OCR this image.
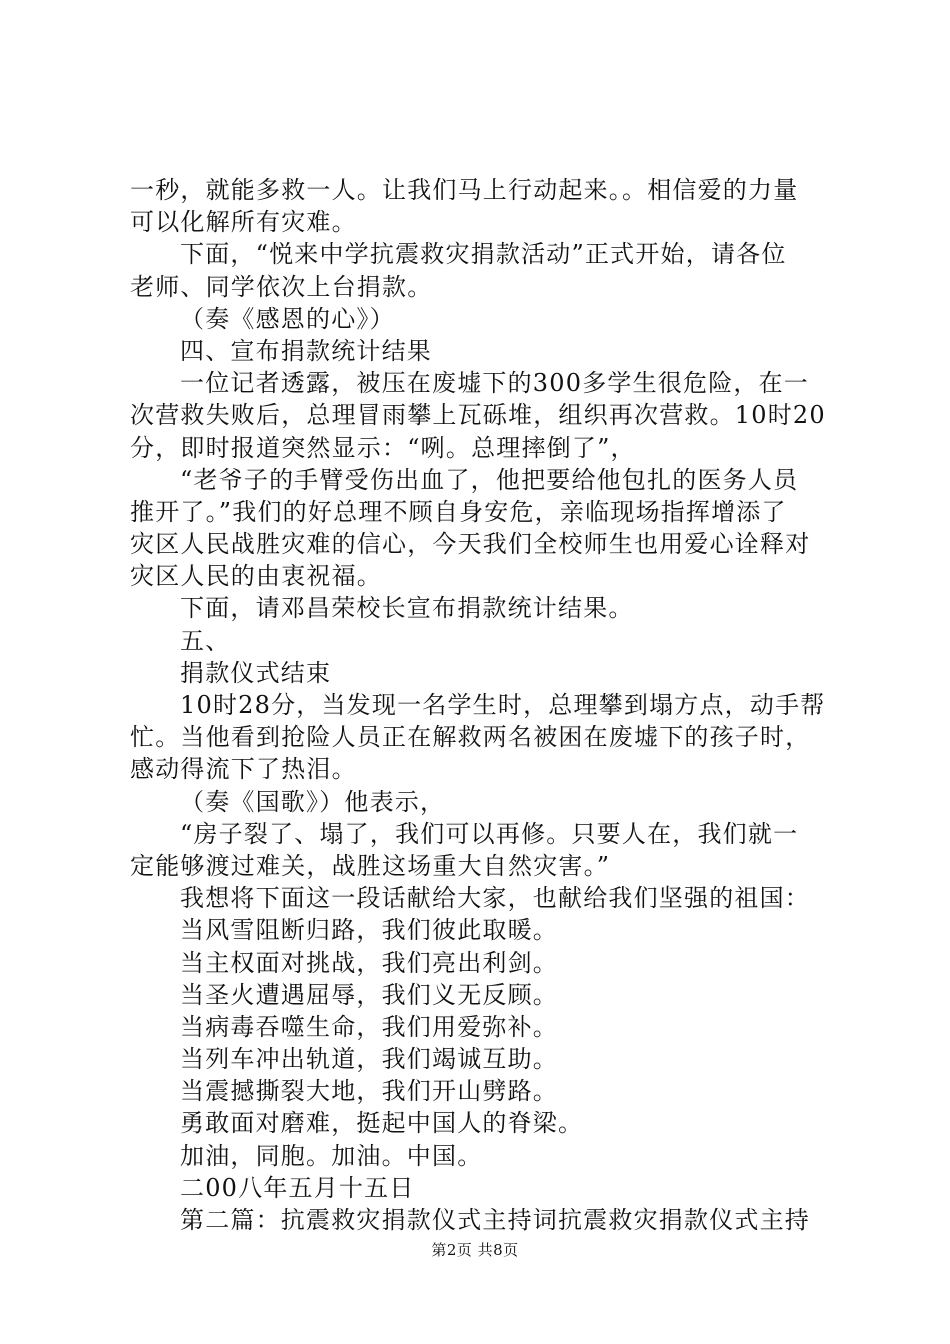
一秒，就能多救一人。让我们马上行动起来。。相信爱的力量
可以化解所有灾难。
下面，“悦来中学抗震救灾捐款活动”正式开始，请各位
老师、同学依次上台捐款。
（奏《感恩的心》）
四、宣布捐款统计结果
一位记者透露，被压在废墟下的300多学生很危险，在一
次营救失败后，总理冒雨攀上瓦砾堆，组织再次营救。10时20
分，即时报道突然显示：“咧。总理摔倒了”，
“老爷子的手臂受伤出血了，他把要给他包扎的医务人员
推开了。”我们的好总理不顾自身安危，亲临现场指挥增添了
灾区人民战胜灾难的信心，今天我们全校师生也用爱心诠释对
灾区人民的由衷祝福。
下面，请邓昌荣校长宣布捐款统计结果。
五、
捐款仪式结束
10时28分，当发现一名学生时，总理攀到塌方点，动手帮
忙。当他看到抢险人员正在解救两名被困在废墟下的孩子时，
感动得流下了热泪。
（奏《国歌》）他表示，
“房子裂了、塌了，我们可以再修。只要人在，我们就一
定能够渡过难关，战胜这场重大自然灾害。”
我想将下面这一段话献给大家，也献给我们坚强的祖国：
当风雪阻断归路，我们彼此取暖。
当主权面对挑战，我们亮出利剑。
当圣火遭遇屈辱，我们义无反顾。
当病毒吞噬生命，我们用爱弥补。
当列车冲出轨道，我们竭诚互助。
当震撼撕裂大地，我们开山劈路。
勇敢面对磨难，挺起中国人的脊梁。
加油，同胞。加油。中国。
二00八年五月十五日
第二篇：抗震救灾捐款仪式主持词抗震救灾捐款仪式主持
第2页 共8页
